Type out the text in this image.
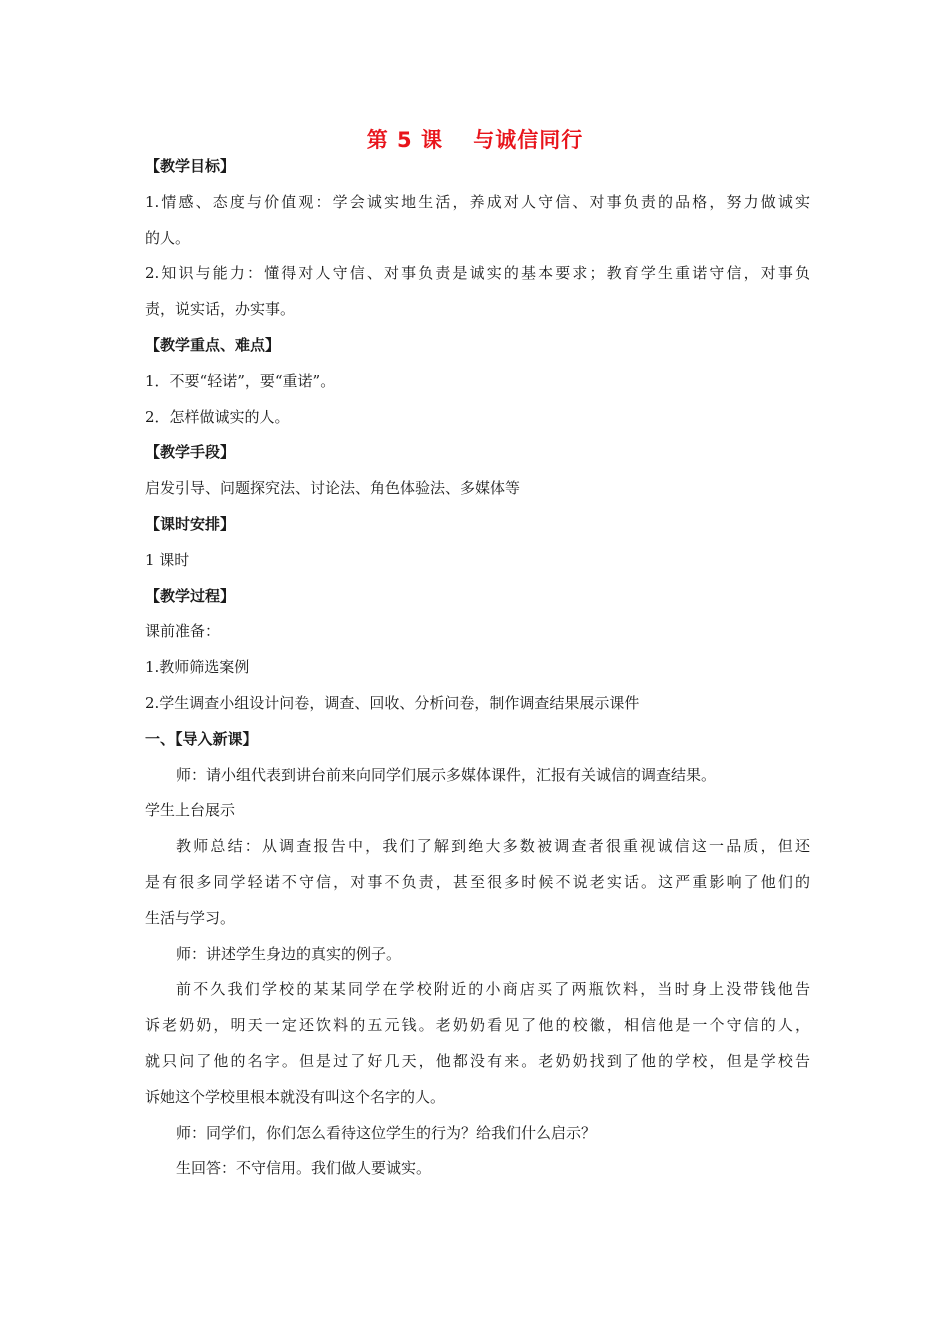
第 5 课　 与诚信同行
【教学目标】
1.情感、态度与价值观：学会诚实地生活，养成对人守信、对事负责的品格，努力做诚实
的人。
2.知识与能力：懂得对人守信、对事负责是诚实的基本要求；教育学生重诺守信，对事负
责，说实话，办实事。
【教学重点、难点】
1．不要“轻诺”，要“重诺”。
2．怎样做诚实的人。
【教学手段】
启发引导、问题探究法、讨论法、角色体验法、多媒体等
【课时安排】
1 课时
【教学过程】
课前准备：
1.教师筛选案例
2.学生调查小组设计问卷，调查、回收、分析问卷，制作调查结果展示课件
一、【导入新课】
师：请小组代表到讲台前来向同学们展示多媒体课件，汇报有关诚信的调查结果。
学生上台展示
教师总结：从调查报告中，我们了解到绝大多数被调查者很重视诚信这一品质，但还
是有很多同学轻诺不守信，对事不负责，甚至很多时候不说老实话。这严重影响了他们的
生活与学习。
师：讲述学生身边的真实的例子。
前不久我们学校的某某同学在学校附近的小商店买了两瓶饮料，当时身上没带钱他告
诉老奶奶，明天一定还饮料的五元钱。老奶奶看见了他的校徽，相信他是一个守信的人，
就只问了他的名字。但是过了好几天，他都没有来。老奶奶找到了他的学校，但是学校告
诉她这个学校里根本就没有叫这个名字的人。
师：同学们，你们怎么看待这位学生的行为？给我们什么启示？
生回答：不守信用。我们做人要诚实。
